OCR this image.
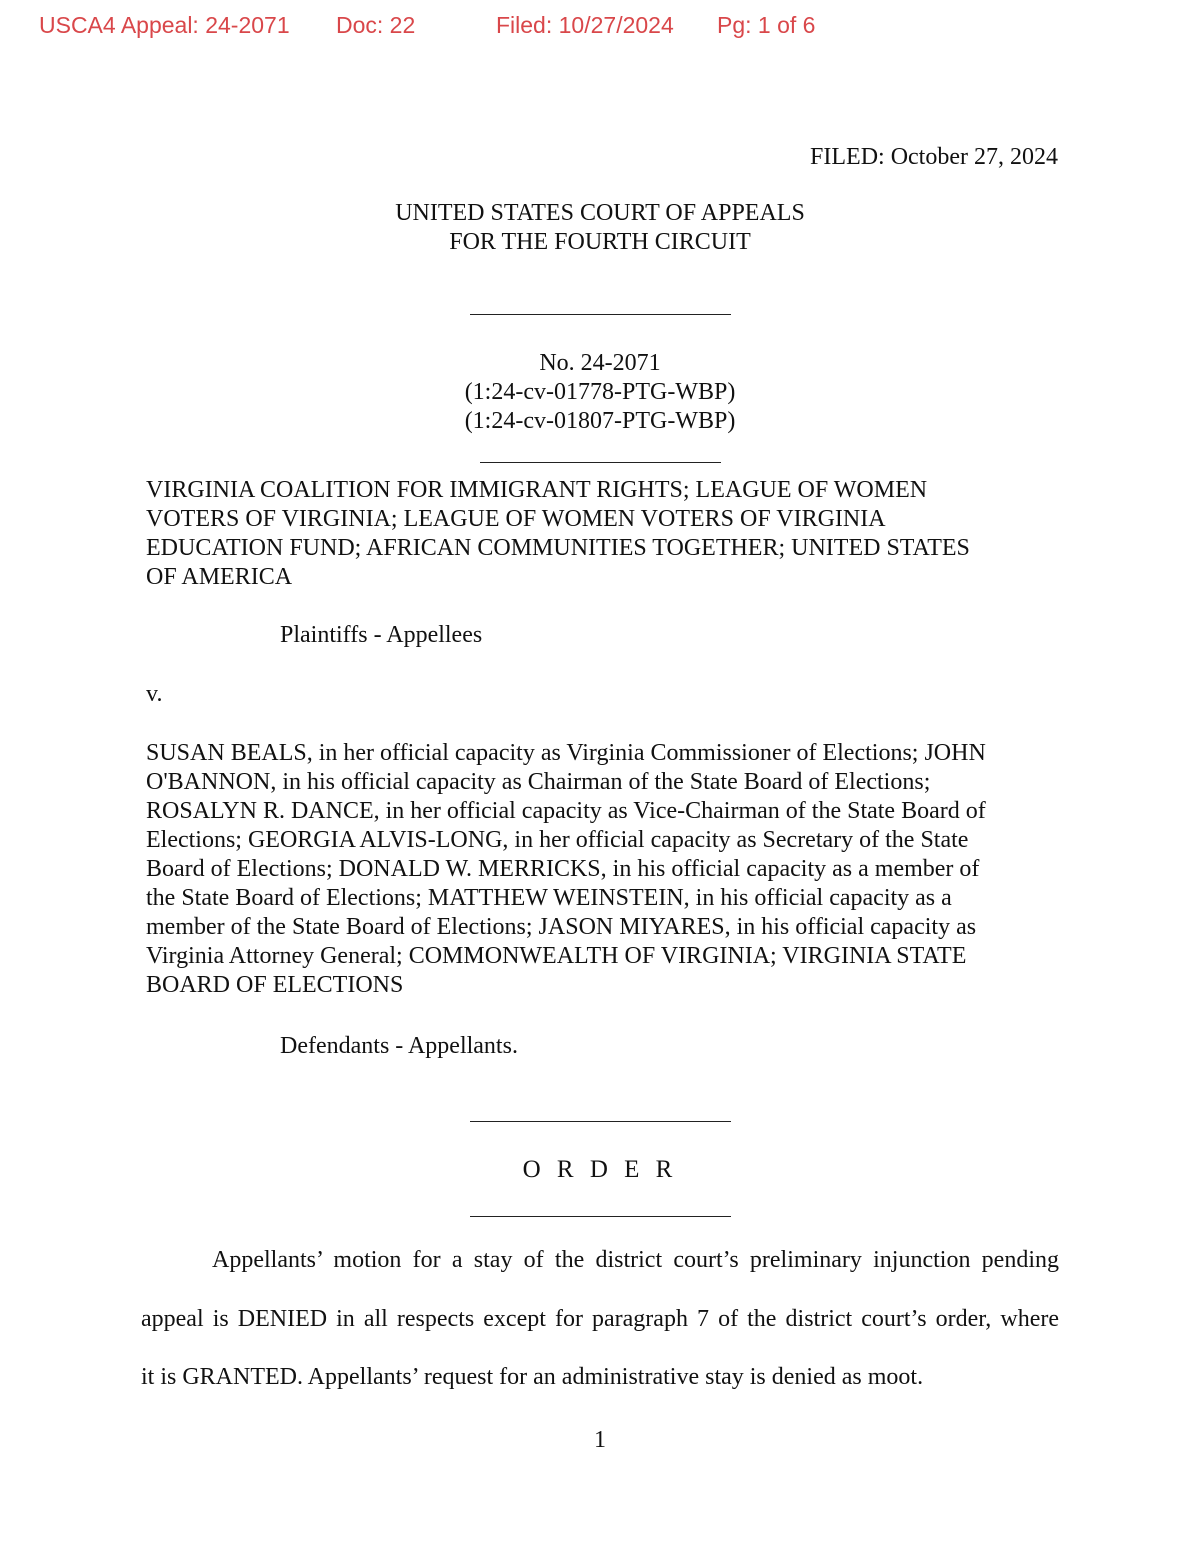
USCA4 Appeal: 24-2071 Doc: 22	Filed: 10/27/2024 Pg: 1 of 6
FILED: October 27, 2024
UNITED STATES COURT OF APPEALS
FOR THE FOURTH CIRCUIT
No. 24-2071
(1:24-cv-01778-PTG-WBP)
(1:24-cv-01807-PTG-WBP)
VIRGINIA COALITION FOR IMMIGRANT RIGHTS; LEAGUE OF WOMEN
VOTERS OF VIRGINIA; LEAGUE OF WOMEN VOTERS OF VIRGINIA
EDUCATION FUND; AFRICAN COMMUNITIES TOGETHER; UNITED STATES
OF AMERICA
Plaintiffs - Appellees
v.
SUSAN BEALS, in her official capacity as Virginia Commissioner of Elections; JOHN
O'BANNON, in his official capacity as Chairman of the State Board of Elections;
ROSALYN R. DANCE, in her official capacity as Vice-Chairman of the State Board of
Elections; GEORGIA ALVIS-LONG, in her official capacity as Secretary of the State
Board of Elections; DONALD W. MERRICKS, in his official capacity as a member of
the State Board of Elections; MATTHEW WEINSTEIN, in his official capacity as a
member of the State Board of Elections; JASON MIYARES, in his official capacity as
Virginia Attorney General; COMMONWEALTH OF VIRGINIA; VIRGINIA STATE
BOARD OF ELECTIONS
Defendants - Appellants.
O R D E R
Appellants’ motion for a stay of the district court’s preliminary injunction pending
appeal is DENIED in all respects except for paragraph 7 of the district court’s order, where
it is GRANTED. Appellants’ request for an administrative stay is denied as moot.
1
